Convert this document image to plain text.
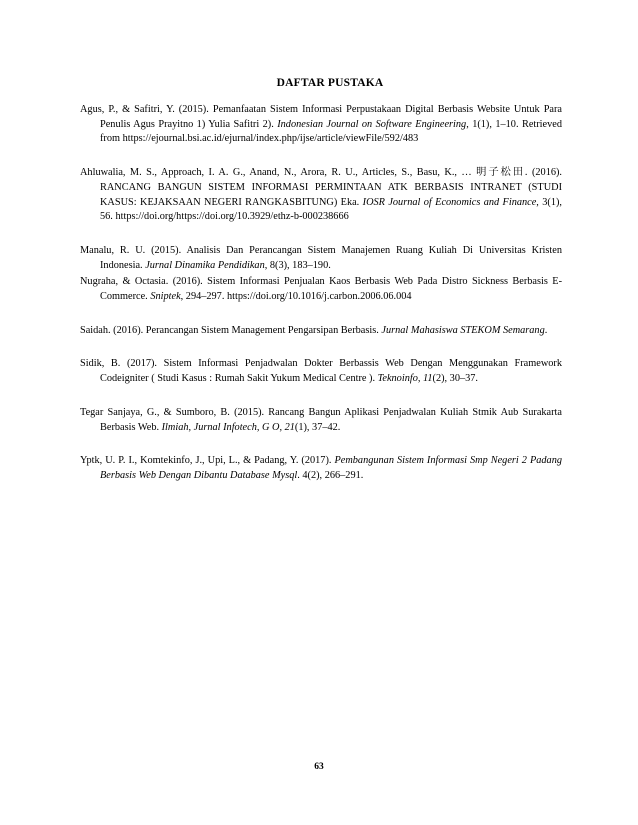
DAFTAR PUSTAKA

Agus, P., & Safitri, Y. (2015). Pemanfaatan Sistem Informasi Perpustakaan Digital Berbasis Website Untuk Para Penulis Agus Prayitno 1) Yulia Safitri 2). Indonesian Journal on Software Engineering, 1(1), 1–10. Retrieved from https://ejournal.bsi.ac.id/ejurnal/index.php/ijse/article/viewFile/592/483

Ahluwalia, M. S., Approach, I. A. G., Anand, N., Arora, R. U., Articles, S., Basu, K., … 明子松田. (2016). RANCANG BANGUN SISTEM INFORMASI PERMINTAAN ATK BERBASIS INTRANET (STUDI KASUS: KEJAKSAAN NEGERI RANGKASBITUNG) Eka. IOSR Journal of Economics and Finance, 3(1), 56. https://doi.org/https://doi.org/10.3929/ethz-b-000238666

Manalu, R. U. (2015). Analisis Dan Perancangan Sistem Manajemen Ruang Kuliah Di Universitas Kristen Indonesia. Jurnal Dinamika Pendidikan, 8(3), 183–190.

Nugraha, & Octasia. (2016). Sistem Informasi Penjualan Kaos Berbasis Web Pada Distro Sickness Berbasis E-Commerce. Sniptek, 294–297. https://doi.org/10.1016/j.carbon.2006.06.004

Saidah. (2016). Perancangan Sistem Management Pengarsipan Berbasis. Jurnal Mahasiswa STEKOM Semarang.

Sidik, B. (2017). Sistem Informasi Penjadwalan Dokter Berbassis Web Dengan Menggunakan Framework Codeigniter ( Studi Kasus : Rumah Sakit Yukum Medical Centre ). Teknoinfo, 11(2), 30–37.

Tegar Sanjaya, G., & Sumboro, B. (2015). Rancang Bangun Aplikasi Penjadwalan Kuliah Stmik Aub Surakarta Berbasis Web. Ilmiah, Jurnal Infotech, G O, 21(1), 37–42.

Yptk, U. P. I., Komtekinfo, J., Upi, L., & Padang, Y. (2017). Pembangunan Sistem Informasi Smp Negeri 2 Padang Berbasis Web Dengan Dibantu Database Mysql. 4(2), 266–291.

63
